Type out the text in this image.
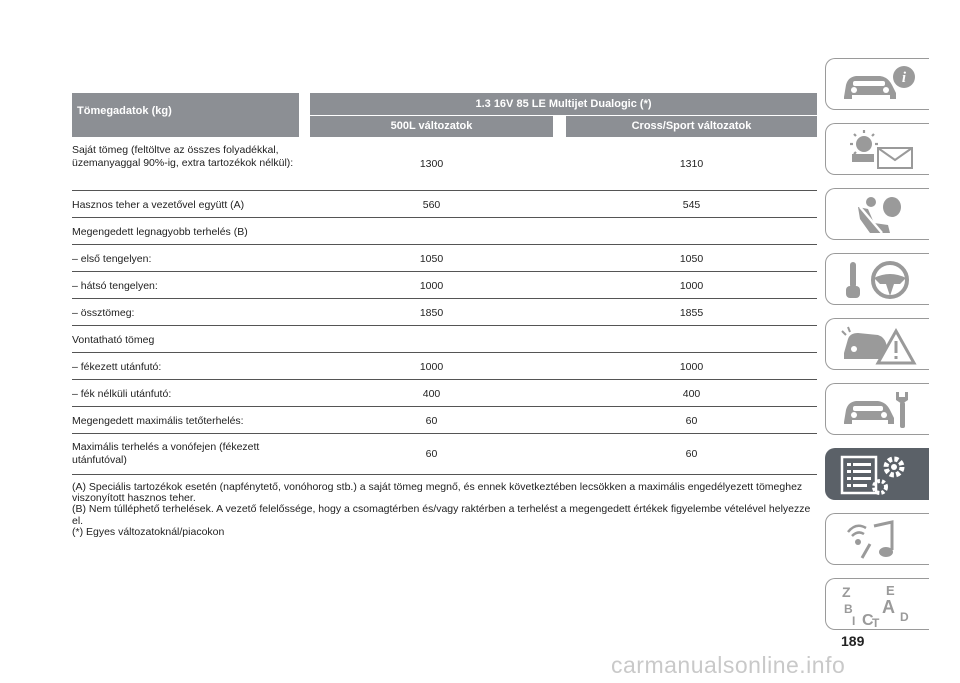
Tömegadatok (kg)
1.3 16V 85 LE Multijet Dualogic (*)
500L változatok	Cross/Sport változatok
Saját tömeg (feltöltve az összes folyadékkal, üzemanyaggal 90%-ig, extra tartozékok nélkül):	1300	1310
Hasznos teher a vezetővel együtt (A)	560	545
Megengedett legnagyobb terhelés (B)
– első tengelyen:	1050	1050
– hátsó tengelyen:	1000	1000
– össztömeg:	1850	1855
Vontatható tömeg
– fékezett utánfutó:	1000	1000
– fék nélküli utánfutó:	400	400
Megengedett maximális tetőterhelés:	60	60
Maximális terhelés a vonófejen (fékezett utánfutóval)	60	60

(A) Speciális tartozékok esetén (napfénytető, vonóhorog stb.) a saját tömeg megnő, és ennek következtében lecsökken a maximális engedélyezett tömeghez viszonyított hasznos teher.

(B) Nem túlléphető terhelések. A vezető felelőssége, hogy a csomagtérben és/vagy raktérben a terhelést a megengedett értékek figyelembe vételével helyezze el.

(*) Egyes változatoknál/piacokon

i
Z	E
A
B
D
C
I T
189
carmanualsonline.info
